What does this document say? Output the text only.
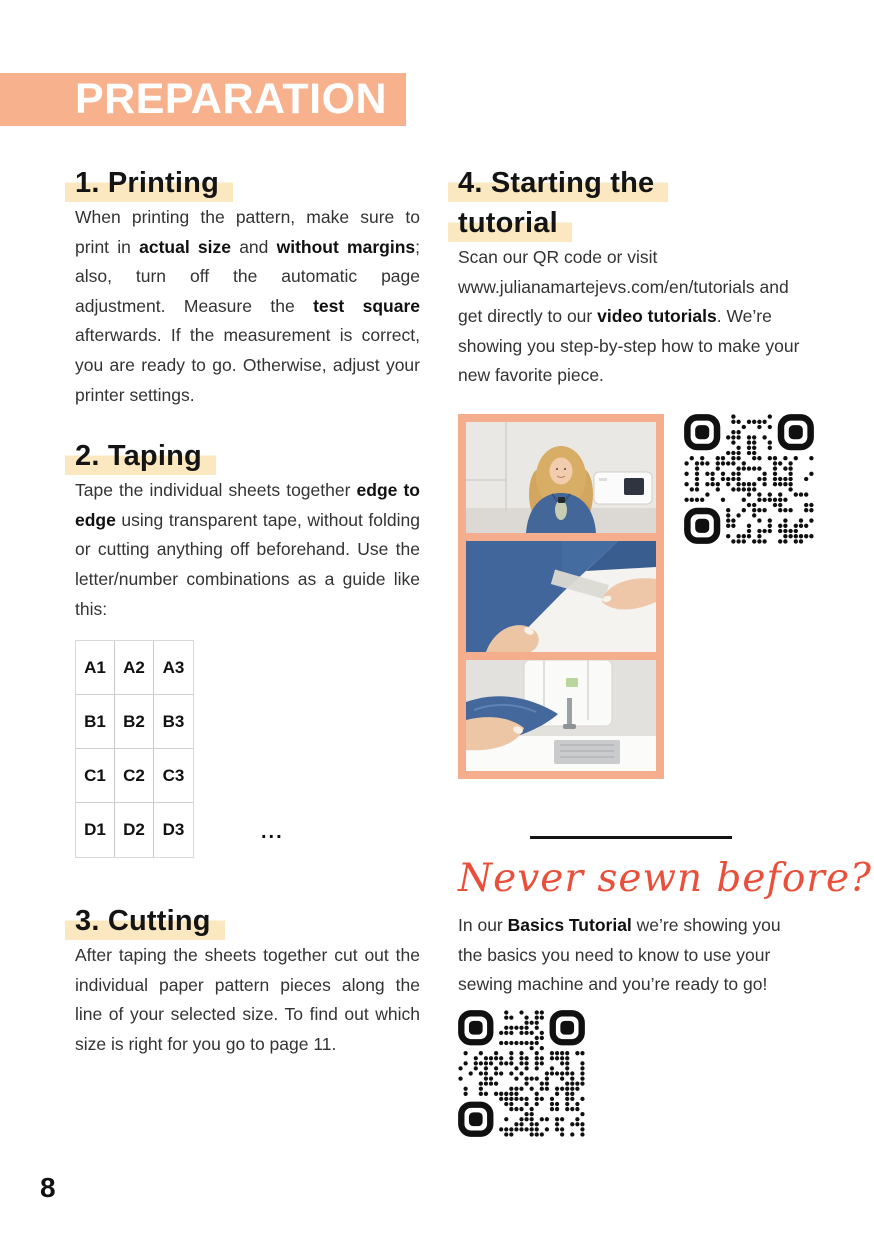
PREPARATION
1. Printing

When printing the pattern, make sure to print in actual size and without margins; also, turn off the automatic page adjustment. Measure the test square afterwards. If the measurement is correct, you are ready to go. Otherwise, adjust your printer settings.

2. Taping

Tape the individual sheets together edge to edge using transparent tape, without folding or cutting anything off beforehand. Use the letter/number combinations as a guide like this:

A1	A2	A3
B1	B2	B3
C1	C2	C3
D1	D2	D3	...
3. Cutting

After taping the sheets together cut out the individual paper pattern pieces along the line of your selected size. To find out which size is right for you go to page 11.

4. Starting the
tutorial

Scan our QR code or visit www.julianamartejevs.com/en/tutorials and get directly to our video tutorials. We’re showing you step-by-step how to make your new favorite piece.

Never sewn before?

In our Basics Tutorial we’re showing you the basics you need to know to use your sewing machine and you’re ready to go!

8
